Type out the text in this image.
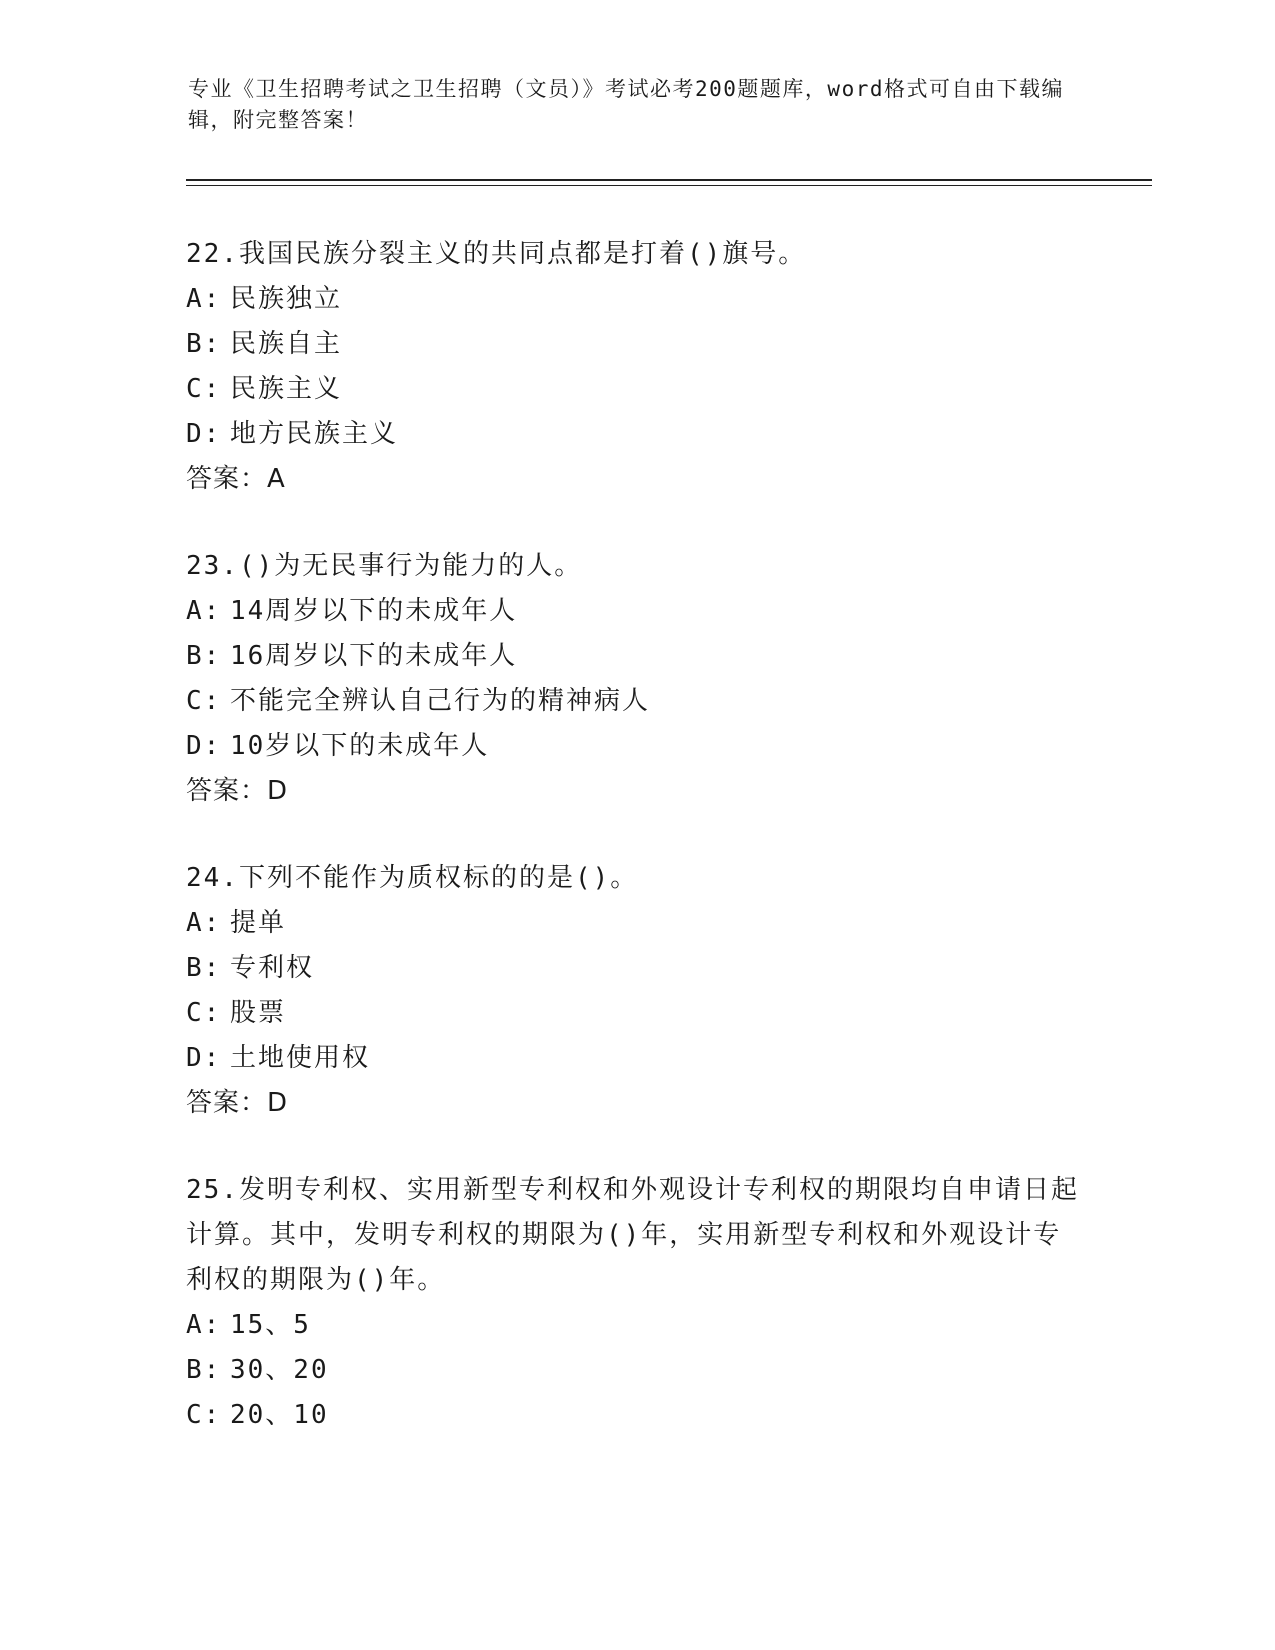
专业《卫生招聘考试之卫生招聘（文员）》考试必考200题题库，word格式可自由下载编辑，附完整答案！

22.我国民族分裂主义的共同点都是打着()旗号。

A: 民族独立

B: 民族自主

C: 民族主义

D: 地方民族主义

答案：A

23.()为无民事行为能力的人。

A: 14周岁以下的未成年人

B: 16周岁以下的未成年人

C: 不能完全辨认自己行为的精神病人

D: 10岁以下的未成年人

答案：D

24.下列不能作为质权标的的是()。

A: 提单

B: 专利权

C: 股票

D: 土地使用权

答案：D

25.发明专利权、实用新型专利权和外观设计专利权的期限均自申请日起计算。其中，发明专利权的期限为()年，实用新型专利权和外观设计专利权的期限为()年。

A: 15、5

B: 30、20

C: 20、10
